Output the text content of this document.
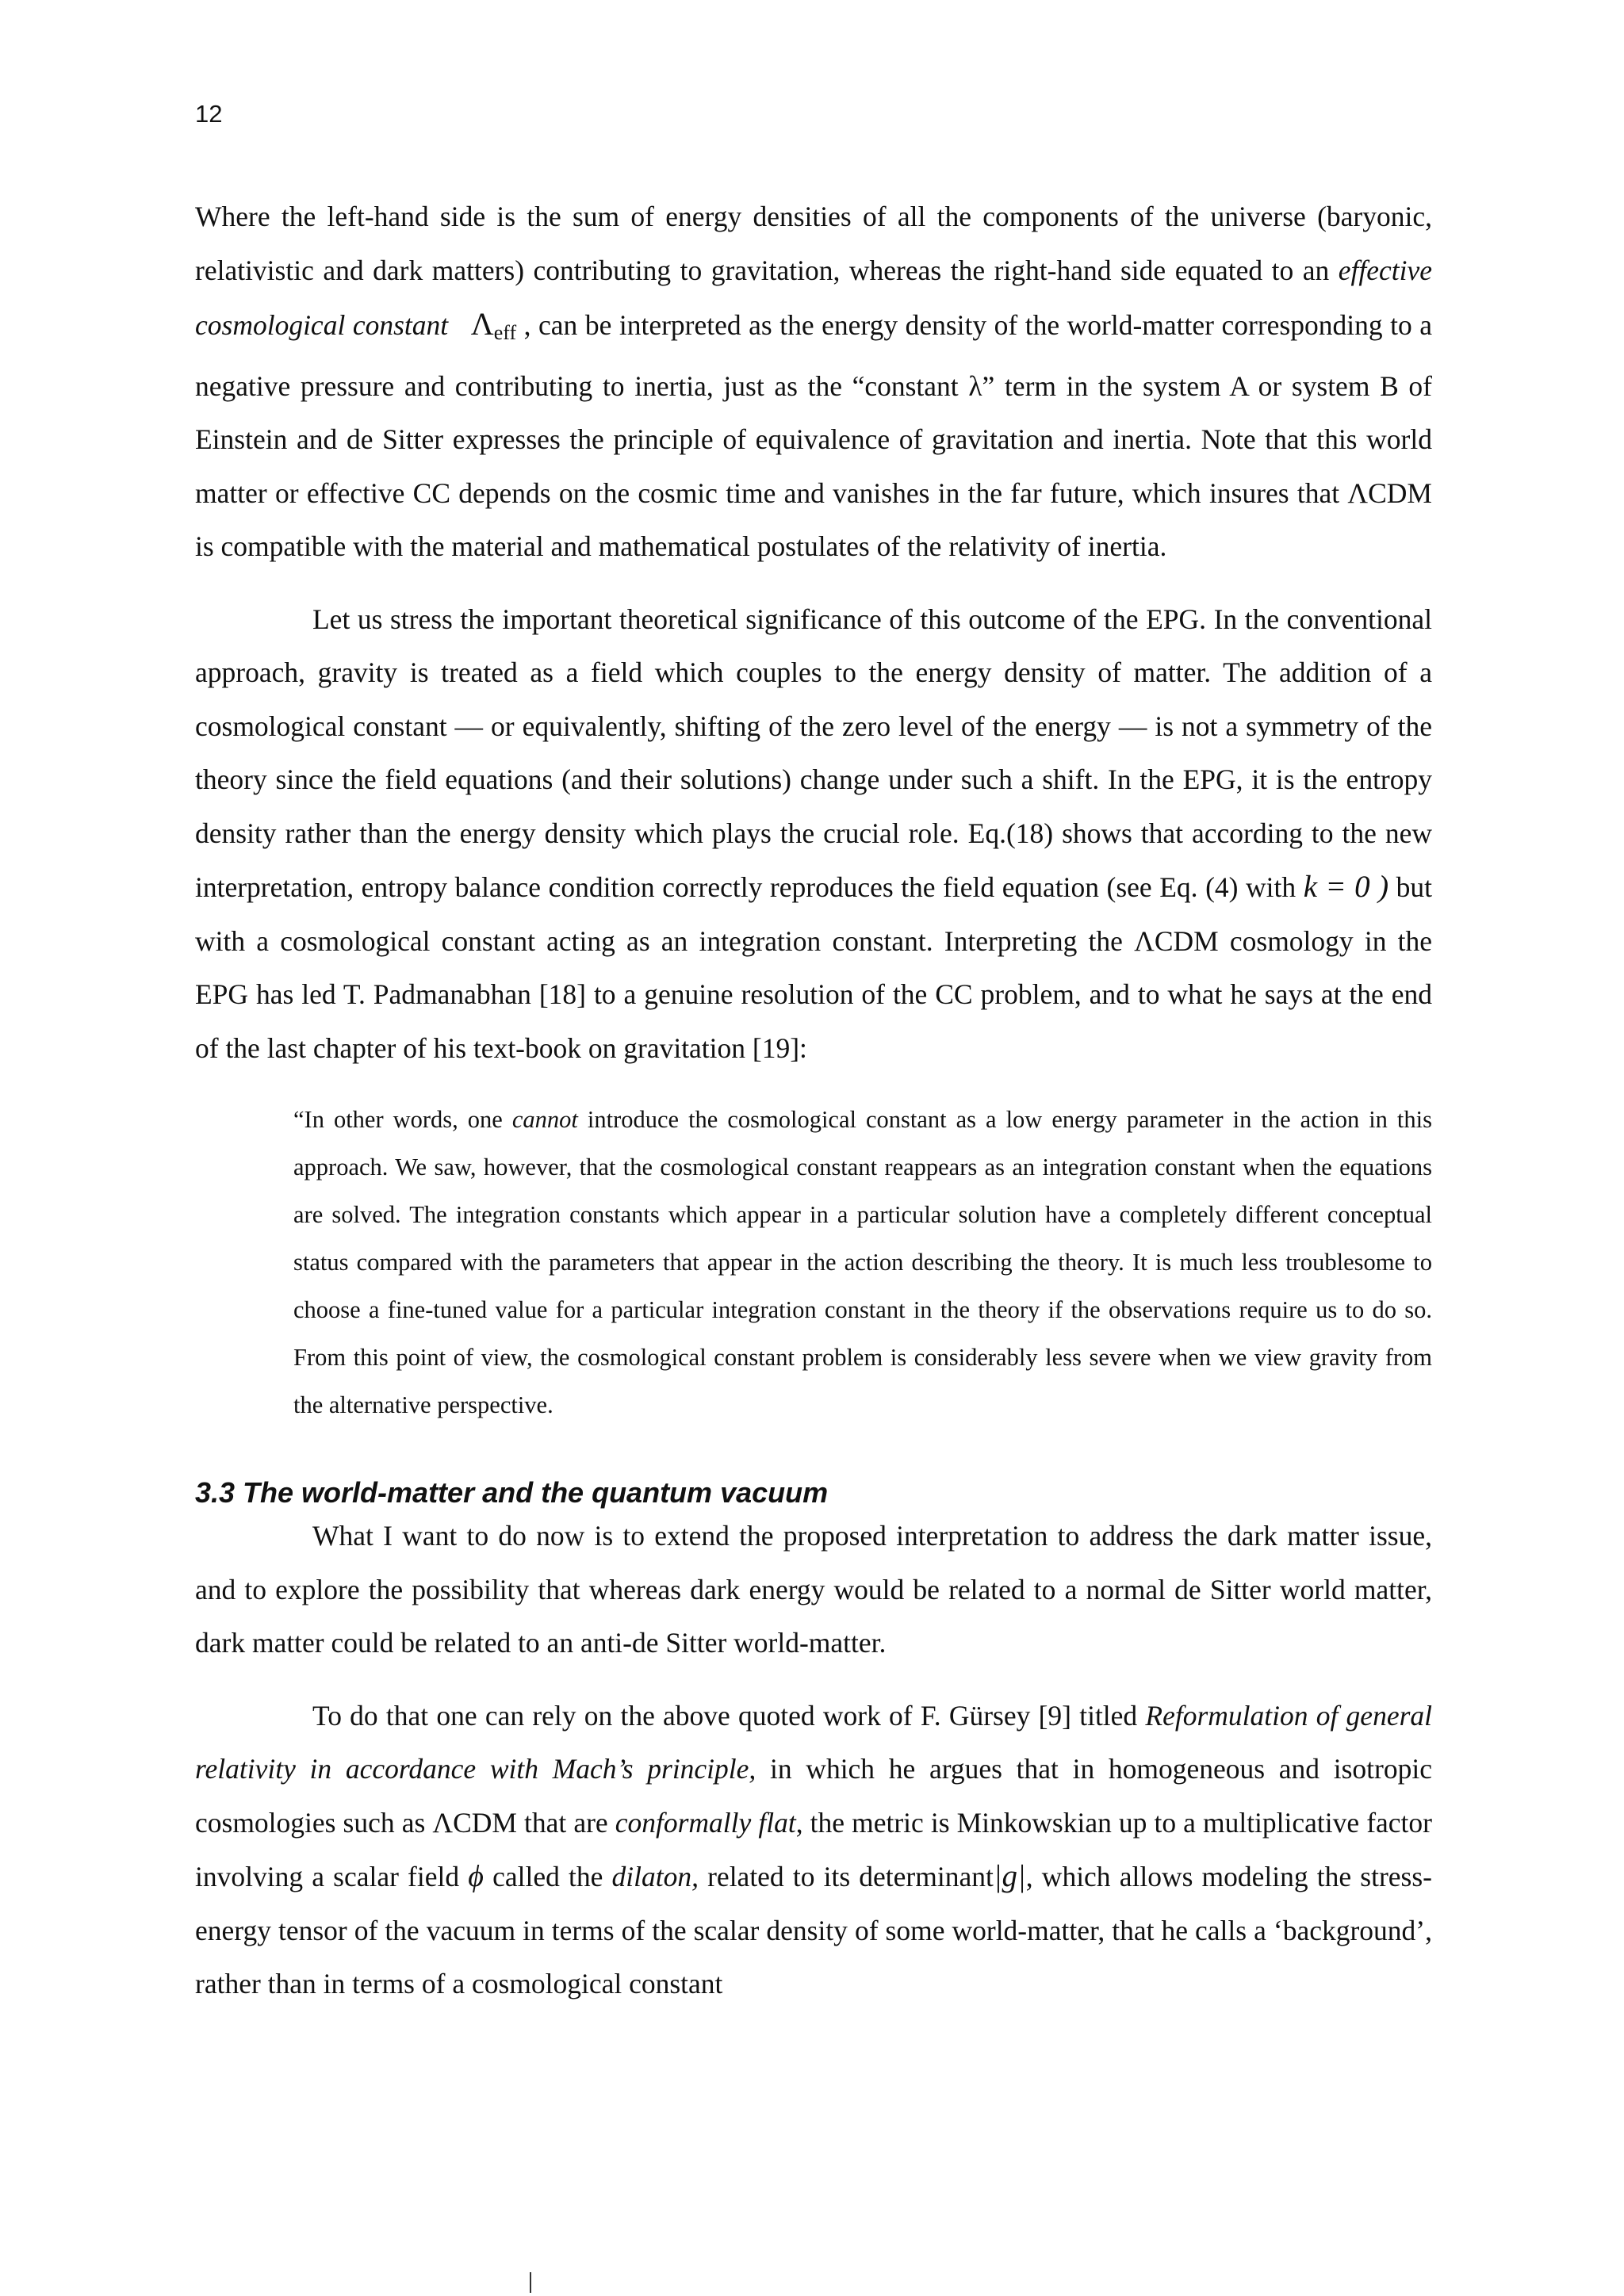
12

Where the left-hand side is the sum of energy densities of all the components of the universe (baryonic, relativistic and dark matters) contributing to gravitation, whereas the right-hand side equated to an effective cosmological constant $\Lambda_{eff}$ , can be interpreted as the energy density of the world-matter corresponding to a negative pressure and contributing to inertia, just as the “constant λ” term in the system A or system B of Einstein and de Sitter expresses the principle of equivalence of gravitation and inertia. Note that this world matter or effective CC depends on the cosmic time and vanishes in the far future, which insures that ΛCDM is compatible with the material and mathematical postulates of the relativity of inertia.

Let us stress the important theoretical significance of this outcome of the EPG. In the conventional approach, gravity is treated as a field which couples to the energy density of matter. The addition of a cosmological constant — or equivalently, shifting of the zero level of the energy — is not a symmetry of the theory since the field equations (and their solutions) change under such a shift. In the EPG, it is the entropy density rather than the energy density which plays the crucial role. Eq.(18) shows that according to the new interpretation, entropy balance condition correctly reproduces the field equation (see Eq. (4) with k = 0 ) but with a cosmological constant acting as an integration constant. Interpreting the ΛCDM cosmology in the EPG has led T. Padmanabhan [18] to a genuine resolution of the CC problem, and to what he says at the end of the last chapter of his text-book on gravitation [19]:

“In other words, one cannot introduce the cosmological constant as a low energy parameter in the action in this approach. We saw, however, that the cosmological constant reappears as an integration constant when the equations are solved. The integration constants which appear in a particular solution have a completely different conceptual status compared with the parameters that appear in the action describing the theory. It is much less troublesome to choose a fine-tuned value for a particular integration constant in the theory if the observations require us to do so. From this point of view, the cosmological constant problem is considerably less severe when we view gravity from the alternative perspective.

3.3 The world-matter and the quantum vacuum

What I want to do now is to extend the proposed interpretation to address the dark matter issue, and to explore the possibility that whereas dark energy would be related to a normal de Sitter world matter, dark matter could be related to an anti-de Sitter world-matter.

To do that one can rely on the above quoted work of F. Gürsey [9] titled Reformulation of general relativity in accordance with Mach’s principle, in which he argues that in homogeneous and isotropic cosmologies such as ΛCDM that are conformally flat, the metric is Minkowskian up to a multiplicative factor involving a scalar field ϕ called the dilaton, related to its determinant|g|, which allows modeling the stress-energy tensor of the vacuum in terms of the scalar density of some world-matter, that he calls a ‘background’, rather than in terms of a cosmological constant
